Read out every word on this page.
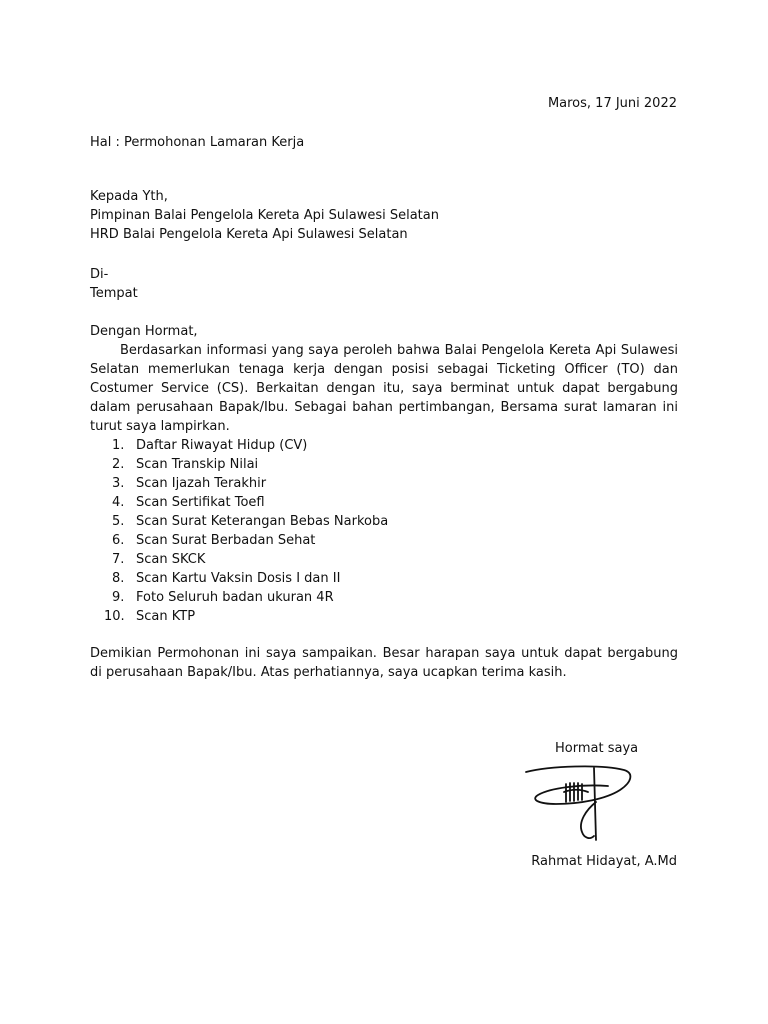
Maros, 17 Juni 2022
Hal : Permohonan Lamaran Kerja
Kepada Yth,
Pimpinan Balai Pengelola Kereta Api Sulawesi Selatan
HRD Balai Pengelola Kereta Api Sulawesi Selatan
Di-
Tempat
Dengan Hormat,
Berdasarkan informasi yang saya peroleh bahwa Balai Pengelola Kereta Api Sulawesi Selatan memerlukan tenaga kerja dengan posisi sebagai Ticketing Officer (TO) dan Costumer Service (CS). Berkaitan dengan itu, saya berminat untuk dapat bergabung dalam perusahaan Bapak/Ibu. Sebagai bahan pertimbangan, Bersama surat lamaran ini turut saya lampirkan.
1. Daftar Riwayat Hidup (CV)
2. Scan Transkip Nilai
3. Scan Ijazah Terakhir
4. Scan Sertifikat Toefl
5. Scan Surat Keterangan Bebas Narkoba
6. Scan Surat Berbadan Sehat
7. Scan SKCK
8. Scan Kartu Vaksin Dosis I dan II
9. Foto Seluruh badan ukuran 4R
10. Scan KTP
Demikian Permohonan ini saya sampaikan. Besar harapan saya untuk dapat bergabung di perusahaan Bapak/Ibu. Atas perhatiannya, saya ucapkan terima kasih.
Hormat saya
Rahmat Hidayat, A.Md
